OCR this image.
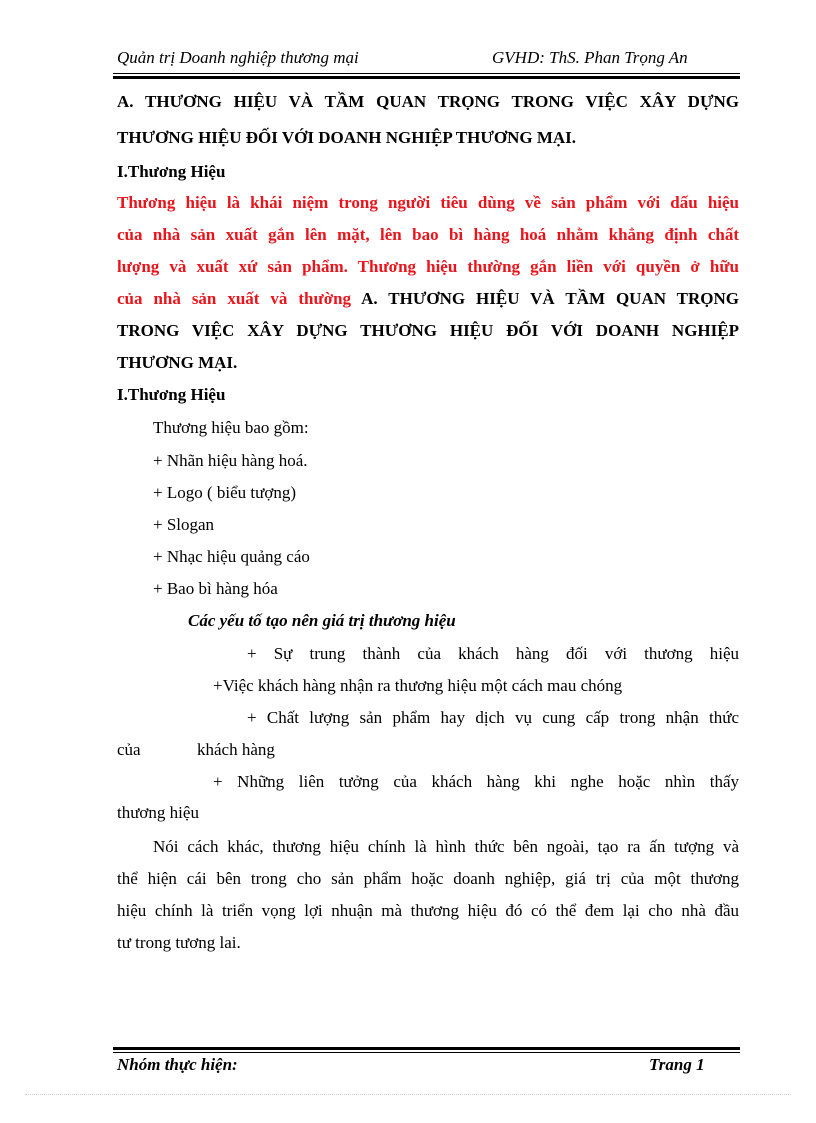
Quản trị Doanh nghiệp thương mại	GVHD: ThS. Phan Trọng An
A. THƯƠNG HIỆU VÀ TẦM QUAN TRỌNG TRONG VIỆC XÂY DỰNG
THƯƠNG HIỆU ĐỐI VỚI DOANH NGHIỆP THƯƠNG MẠI.
I.Thương Hiệu
Thương hiệu là khái niệm trong người tiêu dùng về sản phẩm với dấu hiệu
của nhà sản xuất gắn lên mặt, lên bao bì hàng hoá nhằm khẳng định chất
lượng và xuất xứ sản phẩm. Thương hiệu thường gắn liền với quyền ở hữu
của nhà sản xuất và thường A. THƯƠNG HIỆU VÀ TẦM QUAN TRỌNG
TRONG VIỆC XÂY DỰNG THƯƠNG HIỆU ĐỐI VỚI DOANH NGHIỆP
THƯƠNG MẠI.
I.Thương Hiệu
Thương hiệu bao gồm:
+ Nhãn hiệu hàng hoá.
+ Logo ( biểu tượng)
+ Slogan
+ Nhạc hiệu quảng cáo
+ Bao bì hàng hóa
Các yếu tố tạo nên giá trị thương hiệu
+ Sự trung thành của khách hàng đối với thương hiệu
+Việc khách hàng nhận ra thương hiệu một cách mau chóng
+ Chất lượng sản phẩm hay dịch vụ cung cấp trong nhận thức
của	khách hàng
+ Những liên tưởng của khách hàng khi nghe hoặc nhìn thấy
thương hiệu
Nói cách khác, thương hiệu chính là hình thức bên ngoài, tạo ra ấn tượng và
thể hiện cái bên trong cho sản phẩm hoặc doanh nghiệp, giá trị của một thương
hiệu chính là triển vọng lợi nhuận mà thương hiệu đó có thể đem lại cho nhà đầu
tư trong tương lai.
Nhóm thực hiện:	Trang 1
